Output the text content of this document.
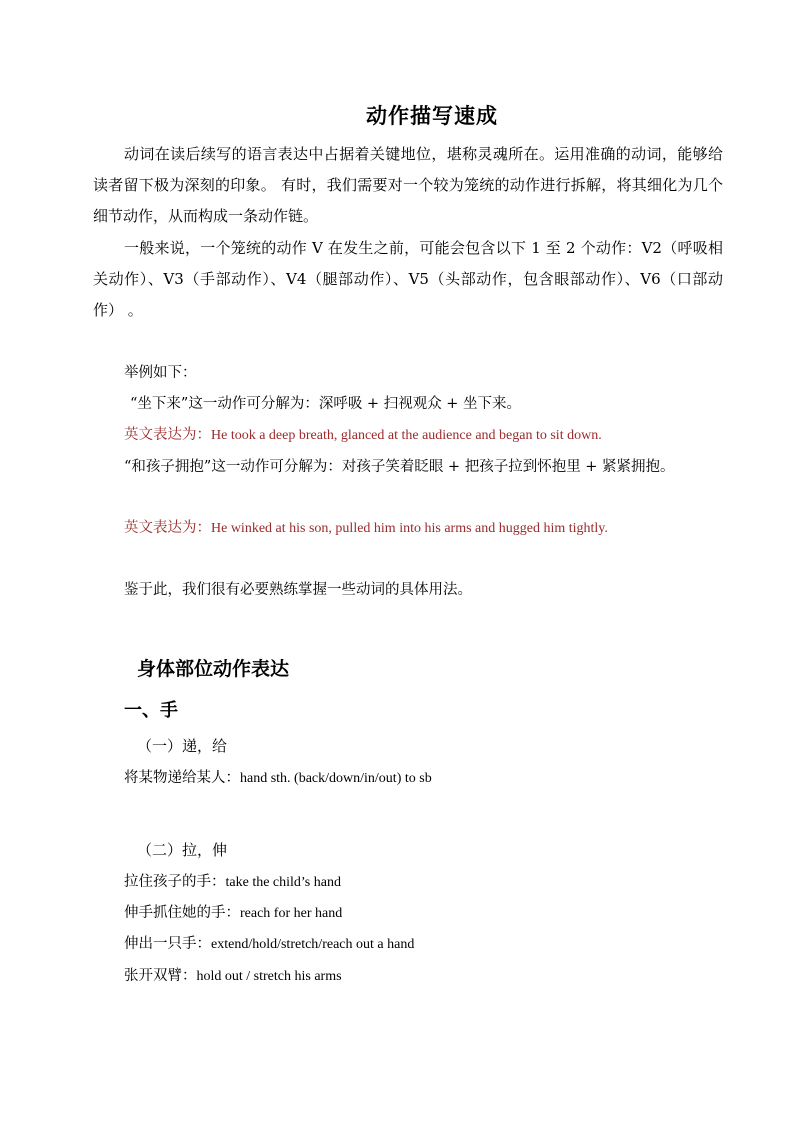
动作描写速成
动词在读后续写的语言表达中占据着关键地位，堪称灵魂所在。运用准确的动词，能够给读者留下极为深刻的印象。 有时，我们需要对一个较为笼统的动作进行拆解，将其细化为几个细节动作，从而构成一条动作链。
一般来说，一个笼统的动作 V 在发生之前，可能会包含以下 1 至 2 个动作：V2（呼吸相关动作）、V3（手部动作）、V4（腿部动作）、V5（头部动作，包含眼部动作）、V6（口部动作） 。
举例如下：
“坐下来”这一动作可分解为：深呼吸 + 扫视观众 + 坐下来。
英文表达为：He took a deep breath, glanced at the audience and began to sit down.
“和孩子拥抱”这一动作可分解为：对孩子笑着眨眼 + 把孩子拉到怀抱里 + 紧紧拥抱。
英文表达为：He winked at his son, pulled him into his arms and hugged him tightly.
鉴于此，我们很有必要熟练掌握一些动词的具体用法。
身体部位动作表达
一、手
（一）递，给
将某物递给某人：hand sth. (back/down/in/out) to sb
（二）拉，伸
拉住孩子的手：take the child’s hand
伸手抓住她的手：reach for her hand
伸出一只手：extend/hold/stretch/reach out a hand
张开双臂：hold out / stretch his arms
